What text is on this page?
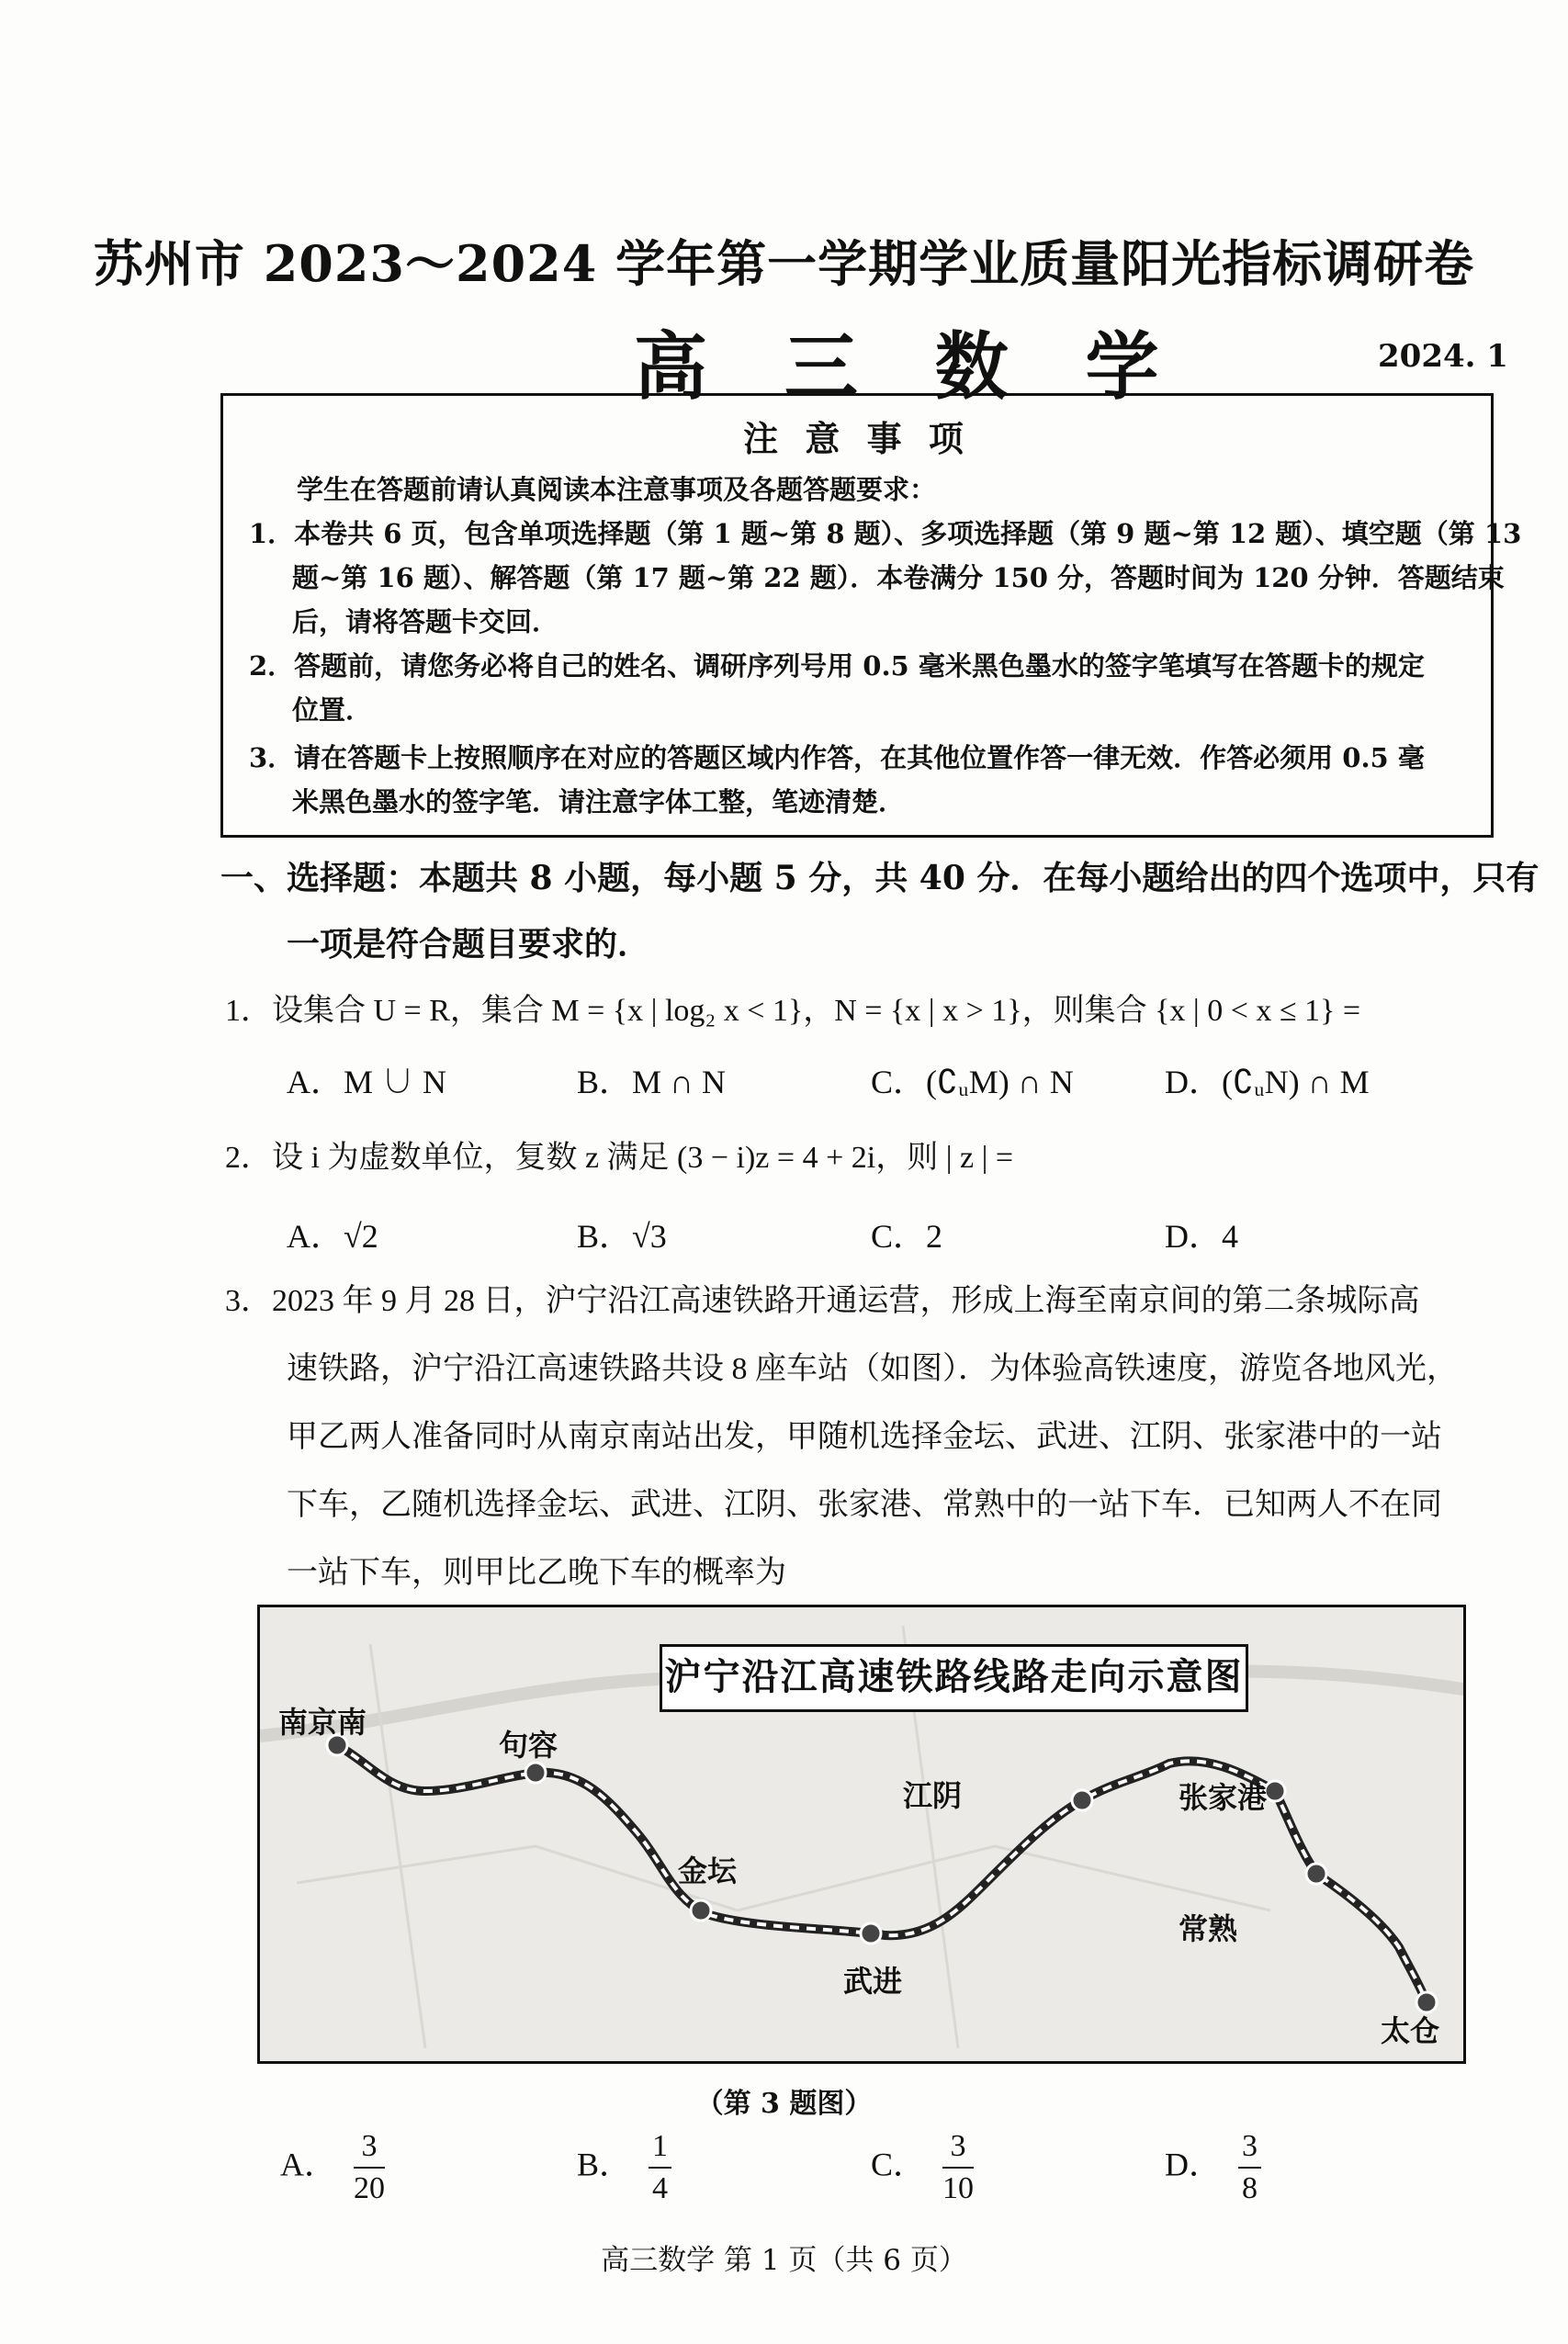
苏州市 2023～2024 学年第一学期学业质量阳光指标调研卷
高 三 数 学	2024. 1
注 意 事 项
学生在答题前请认真阅读本注意事项及各题答题要求：
1．本卷共 6 页，包含单项选择题（第 1 题~第 8 题）、多项选择题（第 9 题~第 12 题）、填空题（第 13
题~第 16 题）、解答题（第 17 题~第 22 题）．本卷满分 150 分，答题时间为 120 分钟．答题结束
后，请将答题卡交回．
2．答题前，请您务必将自己的姓名、调研序列号用 0.5 毫米黑色墨水的签字笔填写在答题卡的规定
位置．
3．请在答题卡上按照顺序在对应的答题区域内作答，在其他位置作答一律无效．作答必须用 0.5 毫
米黑色墨水的签字笔．请注意字体工整，笔迹清楚．
一、选择题：本题共 8 小题，每小题 5 分，共 40 分．在每小题给出的四个选项中，只有
一项是符合题目要求的．
1．设集合 U = R，集合 M = {x | log₂ x < 1}，N = {x | x > 1}，则集合 {x | 0 < x ≤ 1} =
A．M ∪ N	B．M ∩ N	C．(∁ᵤM) ∩ N	D．(∁ᵤN) ∩ M
2．设 i 为虚数单位，复数 z 满足 (3 − i)z = 4 + 2i，则 | z | =
A．√2	B．√3	C．2	D．4
3．2023 年 9 月 28 日，沪宁沿江高速铁路开通运营，形成上海至南京间的第二条城际高
速铁路，沪宁沿江高速铁路共设 8 座车站（如图）．为体验高铁速度，游览各地风光，
甲乙两人准备同时从南京南站出发，甲随机选择金坛、武进、江阴、张家港中的一站
下车，乙随机选择金坛、武进、江阴、张家港、常熟中的一站下车．已知两人不在同
一站下车，则甲比乙晚下车的概率为
沪宁沿江高速铁路线路走向示意图
南京南
句容
金坛
武进
江阴	张家港
常熟
太仓
（第 3 题图）
A． $\frac{3}{20}$	B． $\frac{1}{4}$	C． $\frac{3}{10}$	D． $\frac{3}{8}$
高三数学 第 1 页（共 6 页）
